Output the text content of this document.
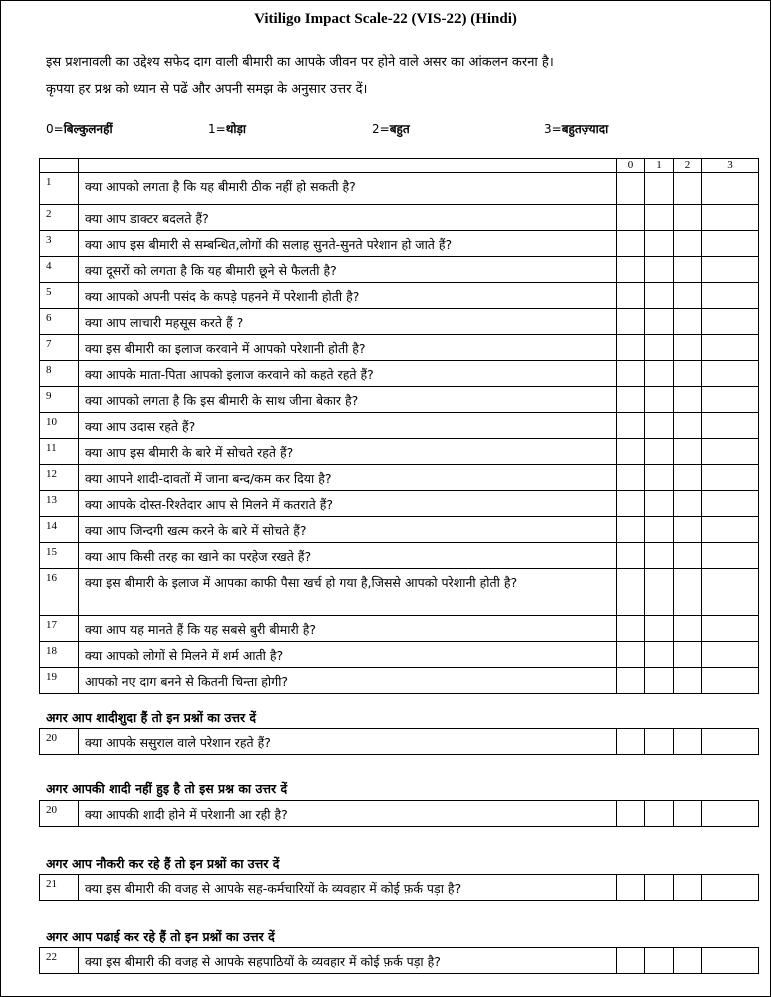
Vitiligo Impact Scale-22 (VIS-22) (Hindi)
इस प्रशनावली का उद्देश्य सफेद दाग वाली बीमारी का आपके जीवन पर होने वाले असर का आंकलन करना है।
कृपया हर प्रश्न को ध्यान से पढें और अपनी समझ के अनुसार उत्तर दें।
0=बिल्कुलनहीं	1=थोड़ा	2=बहुत	3=बहुतज़्यादा
		0	1	2	3
1	क्या आपको लगता है कि यह बीमारी ठीक नहीं हो सकती है?				
2	क्या आप डाक्टर बदलते हैं?				
3	क्या आप इस बीमारी से सम्बन्धित,लोगों की सलाह सुनते-सुनते परेशान हो जाते हैं?				
4	क्या दूसरों को लगता है कि यह बीमारी छूने से फैलती है?				
5	क्या आपको अपनी पसंद के कपड़े पहनने में परेशानी होती है?				
6	क्या आप लाचारी महसूस करते हैं ?				
7	क्या इस बीमारी का इलाज करवाने में आपको परेशानी होती है?				
8	क्या आपके माता-पिता आपको इलाज करवाने को कहते रहते हैं?				
9	क्या आपको लगता है कि इस बीमारी के साथ जीना बेकार है?				
10	क्या आप उदास रहते हैं?				
11	क्या आप इस बीमारी के बारे में सोचते रहते हैं?				
12	क्या आपने शादी-दावतों में जाना बन्द/कम कर दिया है?				
13	क्या आपके दोस्त-रिश्तेदार आप से मिलने में कतराते हैं?				
14	क्या आप जिन्दगी खत्म करने के बारे में सोचते हैं?				
15	क्या आप किसी तरह का खाने का परहेज रखते हैं?				
16	क्या इस बीमारी के इलाज में आपका काफी पैसा खर्च हो गया है,जिससे आपको परेशानी होती है?				
17	क्या आप यह मानते हैं कि यह सबसे बुरी बीमारी है?				
18	क्या आपको लोगों से मिलने में शर्म आती है?				
19	आपको नए दाग बनने से कितनी चिन्ता होगी?				
अगर आप शादीशुदा हैं तो इन प्रश्नों का उत्तर दें
20	क्या आपके ससुराल वाले परेशान रहते हैं?				
अगर आपकी शादी नहीं हुइ है तो इस प्रश्न का उत्तर दें
20	क्या आपकी शादी होने में परेशानी आ रही है?				
अगर आप नौकरी कर रहे हैं तो इन प्रश्नों का उत्तर दें
21	क्या इस बीमारी की वजह से आपके सह-कर्मचारियों के व्यवहार में कोई फ़र्क पड़ा है?				
अगर आप पढाई कर रहे हैं तो इन प्रश्नों का उत्तर दें
22	क्या इस बीमारी की वजह से आपके सहपाठियों के व्यवहार में कोई फ़र्क पड़ा है?				
